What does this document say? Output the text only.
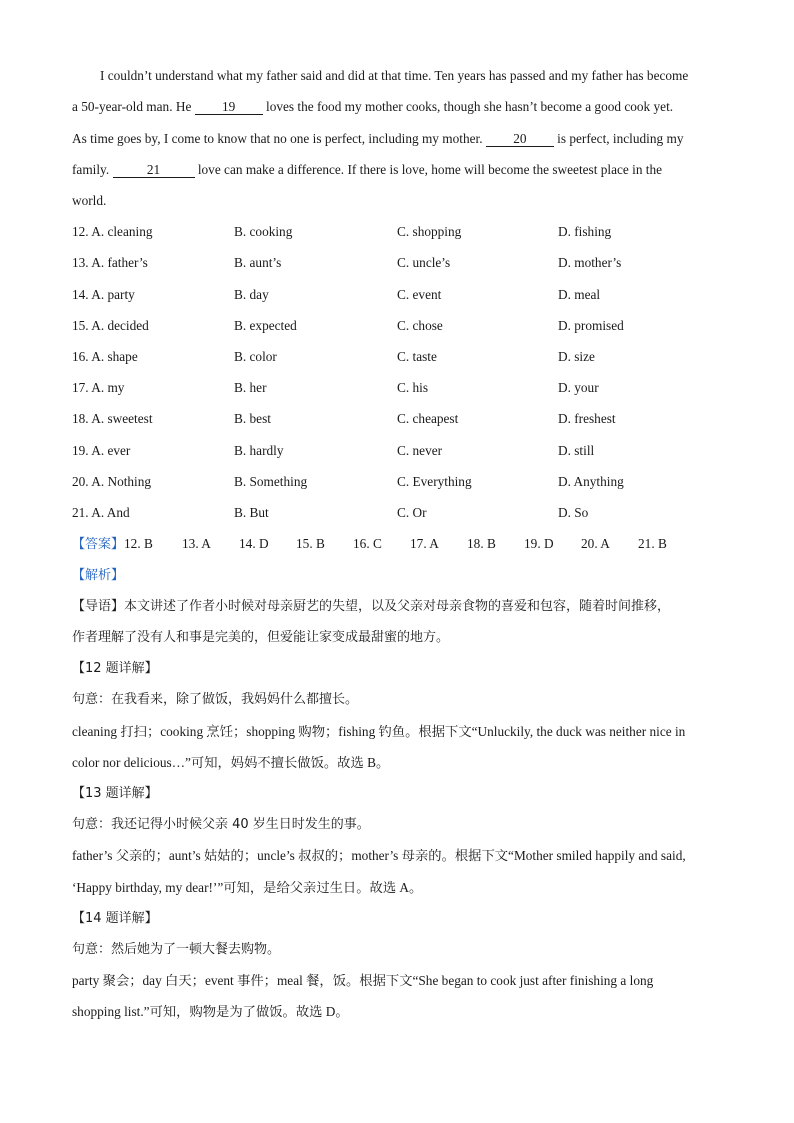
I couldn’t understand what my father said and did at that time. Ten years has passed and my father has become
a 50-year-old man. He 19 loves the food my mother cooks, though she hasn’t become a good cook yet.
As time goes by, I come to know that no one is perfect, including my mother. 20 is perfect, including my
family.	21	love can make a difference. If there is love, home will become the sweetest place in the
world.
12. A. cleaning	B. cooking	C. shopping	D. fishing
13. A. father’s	B. aunt’s	C. uncle’s	D. mother’s
14. A. party	B. day	C. event	D. meal
15. A. decided	B. expected	C. chose	D. promised
16. A. shape	B. color	C. taste	D. size
17. A. my	B. her	C. his	D. your
18. A. sweetest	B. best	C. cheapest	D. freshest
19. A. ever	B. hardly	C. never	D. still
20. A. Nothing	B. Something	C. Everything	D. Anything
21. A. And	B. But	C. Or	D. So
【答案】12. B 13. A 14. D 15. B 16. C 17. A 18. B 19. D 20. A 21. B
【解析】
【导语】本文讲述了作者小时候对母亲厨艺的失望，以及父亲对母亲食物的喜爱和包容，随着时间推移，
作者理解了没有人和事是完美的，但爱能让家变成最甜蜜的地方。
【12 题详解】
句意：在我看来，除了做饭，我妈妈什么都擅长。
cleaning 打扫；cooking 烹饪；shopping 购物；fishing 钓鱼。根据下文“Unluckily, the duck was neither nice in
color nor delicious…”可知，妈妈不擅长做饭。故选 B。
【13 题详解】
句意：我还记得小时候父亲 40 岁生日时发生的事。
father’s 父亲的；aunt’s 姑姑的；uncle’s 叔叔的；mother’s 母亲的。根据下文“Mother smiled happily and said,
‘Happy birthday, my dear!’”可知，是给父亲过生日。故选 A。
【14 题详解】
句意：然后她为了一顿大餐去购物。
party 聚会；day 白天；event 事件；meal 餐，饭。根据下文“She began to cook just after finishing a long
shopping list.”可知，购物是为了做饭。故选 D。
